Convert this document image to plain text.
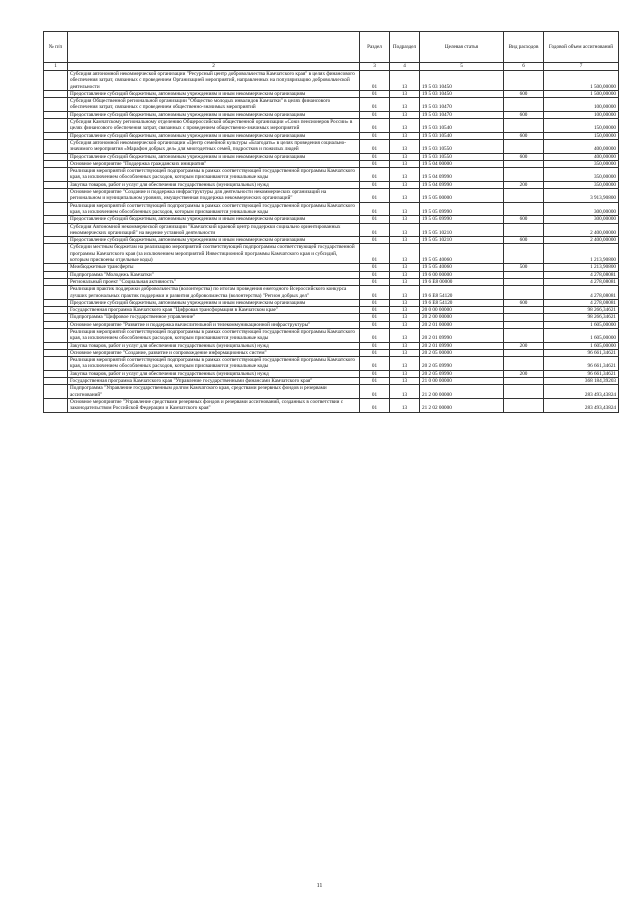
№ п/п		Раздел	Подраздел	Целевая статья	Вид расходов	Годовой объем ассигнований
1	2	3	4	5	6	7
	Субсидия автономной некоммерческой организации "Ресурсный центр добровольчества Камчатского края" в целях финансового обеспечения затрат, связанных с проведением Организацией мероприятий, направленных на популяризацию добровольческой деятельности	01	13	19 5 03 10450		1 500,00000
	Предоставление субсидий бюджетным, автономным учреждениям и иным некоммерческим организациям	01	13	19 5 03 10450	600	1 500,00000
	Субсидия Общественной региональной организации "Общество молодых инвалидов Камчатки" в целях финансового обеспечения затрат, связанных с проведением общественно-значимых мероприятий	01	13	19 5 03 10470		100,00000
	Предоставление субсидий бюджетным, автономным учреждениям и иным некоммерческим организациям	01	13	19 5 03 10470	600	100,00000
	Субсидия Камчатскому региональному отделению Общероссийской общественной организации «Союз пенсионеров России» в целях финансового обеспечения затрат, связанных с проведением общественно-значимых мероприятий	01	13	19 5 03 10540		150,00000
	Предоставление субсидий бюджетным, автономным учреждениям и иным некоммерческим организациям	01	13	19 5 03 10540	600	150,00000
	Субсидия автономной некоммерческой организации «Центр семейной культуры «Благодать» в целях проведения социально-значимого мероприятия «Марафон добрых дел» для многодетных семей, подростков и пожилых людей	01	13	19 5 03 10550		400,00000
	Предоставление субсидий бюджетным, автономным учреждениям и иным некоммерческим организациям	01	13	19 5 03 10550	600	400,00000
	Основное мероприятие "Поддержка гражданских инициатив"	01	13	19 5 04 00000		350,00000
	Реализация мероприятий соответствующей подпрограммы в рамках соответствующей государственной программы Камчатского края, за исключением обособленных расходов, которым присваиваются уникальные коды	01	13	19 5 04 09990		350,00000
	Закупка товаров, работ и услуг для обеспечения государственных (муниципальных) нужд	01	13	19 5 04 09990	200	350,00000
	Основное мероприятие "Создание и поддержка инфраструктуры для деятельности некоммерческих организаций на региональном и муниципальном уровнях, имущественная поддержка некоммерческих организаций"	01	13	19 5 05 00000		3 913,90800
	Реализация мероприятий соответствующей подпрограммы в рамках соответствующей государственной программы Камчатского края, за исключением обособленных расходов, которым присваиваются уникальные коды	01	13	19 5 05 09990		300,00000
	Предоставление субсидий бюджетным, автономным учреждениям и иным некоммерческим организациям	01	13	19 5 05 09990	600	300,00000
	Субсидия Автономной некоммерческой организации "Камчатский краевой центр поддержки социально ориентированных некоммерческих организаций" на ведение уставной деятельности	01	13	19 5 05 10210		2 400,00000
	Предоставление субсидий бюджетным, автономным учреждениям и иным некоммерческим организациям	01	13	19 5 05 10210	600	2 400,00000
	Субсидии местным бюджетам на реализацию мероприятий соответствующей подпрограммы соответствующей государственной программы Камчатского края (за исключением мероприятий Инвестиционной программы Камчатского края и субсидий, которым присвоены отдельные коды)	01	13	19 5 05 40060		1 213,90800
	Межбюджетные трансферты	01	13	19 5 05 40060	500	1 213,90800
	Подпрограмма "Молодежь Камчатки"	01	13	19 6 00 00000		4 278,08081
	Региональный проект "Социальная активность"	01	13	19 6 E8 00000		4 278,08081
	Реализация практик поддержки добровольчества (волонтерства) по итогам проведения ежегодного Всероссийского конкурса лучших региональных практик поддержки и развития добровольчества (волонтерства) "Регион добрых дел"	01	13	19 6 E8 54120		4 278,08081
	Предоставление субсидий бюджетным, автономным учреждениям и иным некоммерческим организациям	01	13	19 6 E8 54120	600	4 278,08081
	Государственная программа Камчатского края "Цифровая трансформация в Камчатском крае"	01	13	20 0 00 00000		98 266,34621
	Подпрограмма "Цифровое государственное управление"	01	13	20 2 00 00000		98 266,34621
	Основное мероприятие "Развитие и поддержка вычислительной и телекоммуникационной инфраструктуры"	01	13	20 2 01 00000		1 605,00000
	Реализация мероприятий соответствующей подпрограммы в рамках соответствующей государственной программы Камчатского края, за исключением обособленных расходов, которым присваиваются уникальные коды	01	13	20 2 01 09990		1 605,00000
	Закупка товаров, работ и услуг для обеспечения государственных (муниципальных) нужд	01	13	20 2 01 09990	200	1 605,00000
	Основное мероприятие "Создание, развитие и сопровождение информационных систем"	01	13	20 2 05 00000		96 661,34621
	Реализация мероприятий соответствующей подпрограммы в рамках соответствующей государственной программы Камчатского края, за исключением обособленных расходов, которым присваиваются уникальные коды	01	13	20 2 05 09990		96 661,34621
	Закупка товаров, работ и услуг для обеспечения государственных (муниципальных) нужд	01	13	20 2 05 09990	200	96 661,34621
	Государственная программа Камчатского края "Управление государственными финансами Камчатского края"	01	13	21 0 00 00000		368 184,39203
	Подпрограмма "Управление государственным долгом Камчатского края, средствами резервных фондов и резервами ассигнований"	01	13	21 2 00 00000		283 493,43824
	Основное мероприятие "Управление средствами резервных фондов и резервами ассигнований, созданных в соответствии с законодательством Российской Федерации и Камчатского края"	01	13	21 2 02 00000		283 493,43824
11
